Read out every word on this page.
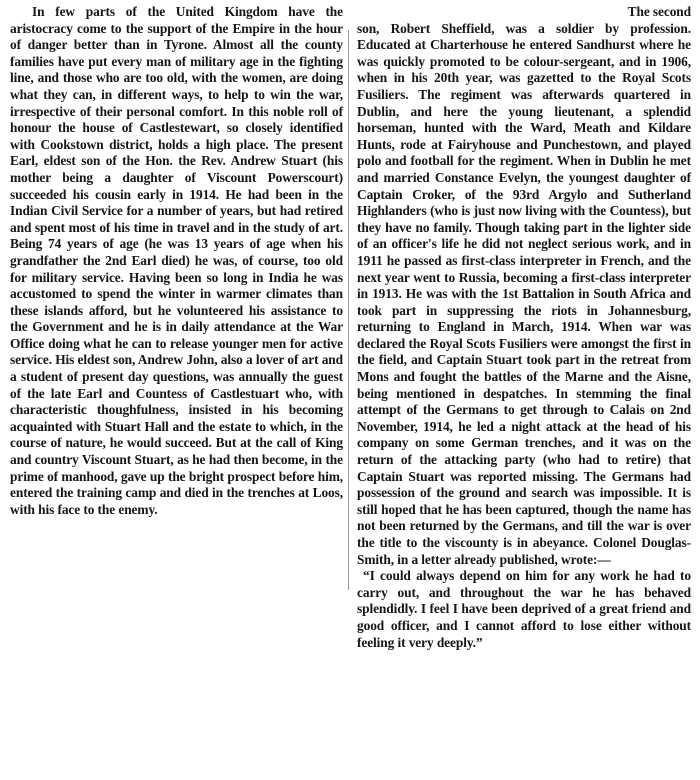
In few parts of the United Kingdom have the aristocracy come to the support of the Empire in the hour of danger better than in Tyrone. Almost all the county families have put every man of military age in the fighting line, and those who are too old, with the women, are doing what they can, in different ways, to help to win the war, irrespective of their personal comfort. In this noble roll of honour the house of Castlestewart, so closely identified with Cookstown district, holds a high place. The present Earl, eldest son of the Hon. the Rev. Andrew Stuart (his mother being a daughter of Viscount Powerscourt) succeeded his cousin early in 1914. He had been in the Indian Civil Service for a number of years, but had retired and spent most of his time in travel and in the study of art. Being 74 years of age (he was 13 years of age when his grandfather the 2nd Earl died) he was, of course, too old for military service. Having been so long in India he was accustomed to spend the winter in warmer climates than these islands afford, but he volunteered his assistance to the Government and he is in daily attendance at the War Office doing what he can to release younger men for active service. His eldest son, Andrew John, also a lover of art and a student of present day questions, was annually the guest of the late Earl and Countess of Castlestuart who, with characteristic thoughfulness, insisted in his becoming acquainted with Stuart Hall and the estate to which, in the course of nature, he would succeed. But at the call of King and country Viscount Stuart, as he had then become, in the prime of manhood, gave up the bright prospect before him, entered the training camp and died in the trenches at Loos, with his face to the enemy.

The second

son, Robert Sheffield, was a soldier by profession. Educated at Charterhouse he entered Sandhurst where he was quickly promoted to be colour-sergeant, and in 1906, when in his 20th year, was gazetted to the Royal Scots Fusiliers. The regiment was afterwards quartered in Dublin, and here the young lieutenant, a splendid horseman, hunted with the Ward, Meath and Kildare Hunts, rode at Fairyhouse and Punchestown, and played polo and football for the regiment. When in Dublin he met and married Constance Evelyn, the youngest daughter of Captain Croker, of the 93rd Argylo and Sutherland Highlanders (who is just now living with the Countess), but they have no family. Though taking part in the lighter side of an officer's life he did not neglect serious work, and in 1911 he passed as first-class interpreter in French, and the next year went to Russia, becoming a first-class interpreter in 1913. He was with the 1st Battalion in South Africa and took part in suppressing the riots in Johannesburg, returning to England in March, 1914. When war was declared the Royal Scots Fusiliers were amongst the first in the field, and Captain Stuart took part in the retreat from Mons and fought the battles of the Marne and the Aisne, being mentioned in despatches. In stemming the final attempt of the Germans to get through to Calais on 2nd November, 1914, he led a night attack at the head of his company on some German trenches, and it was on the return of the attacking party (who had to retire) that Captain Stuart was reported missing. The Germans had possession of the ground and search was impossible. It is still hoped that he has been captured, though the name has not been returned by the Germans, and till the war is over the title to the viscounty is in abeyance. Colonel Douglas-Smith, in a letter already published, wrote:—

“I could always depend on him for any work he had to carry out, and throughout the war he has behaved splendidly. I feel I have been deprived of a great friend and good officer, and I cannot afford to lose either without feeling it very deeply.”
